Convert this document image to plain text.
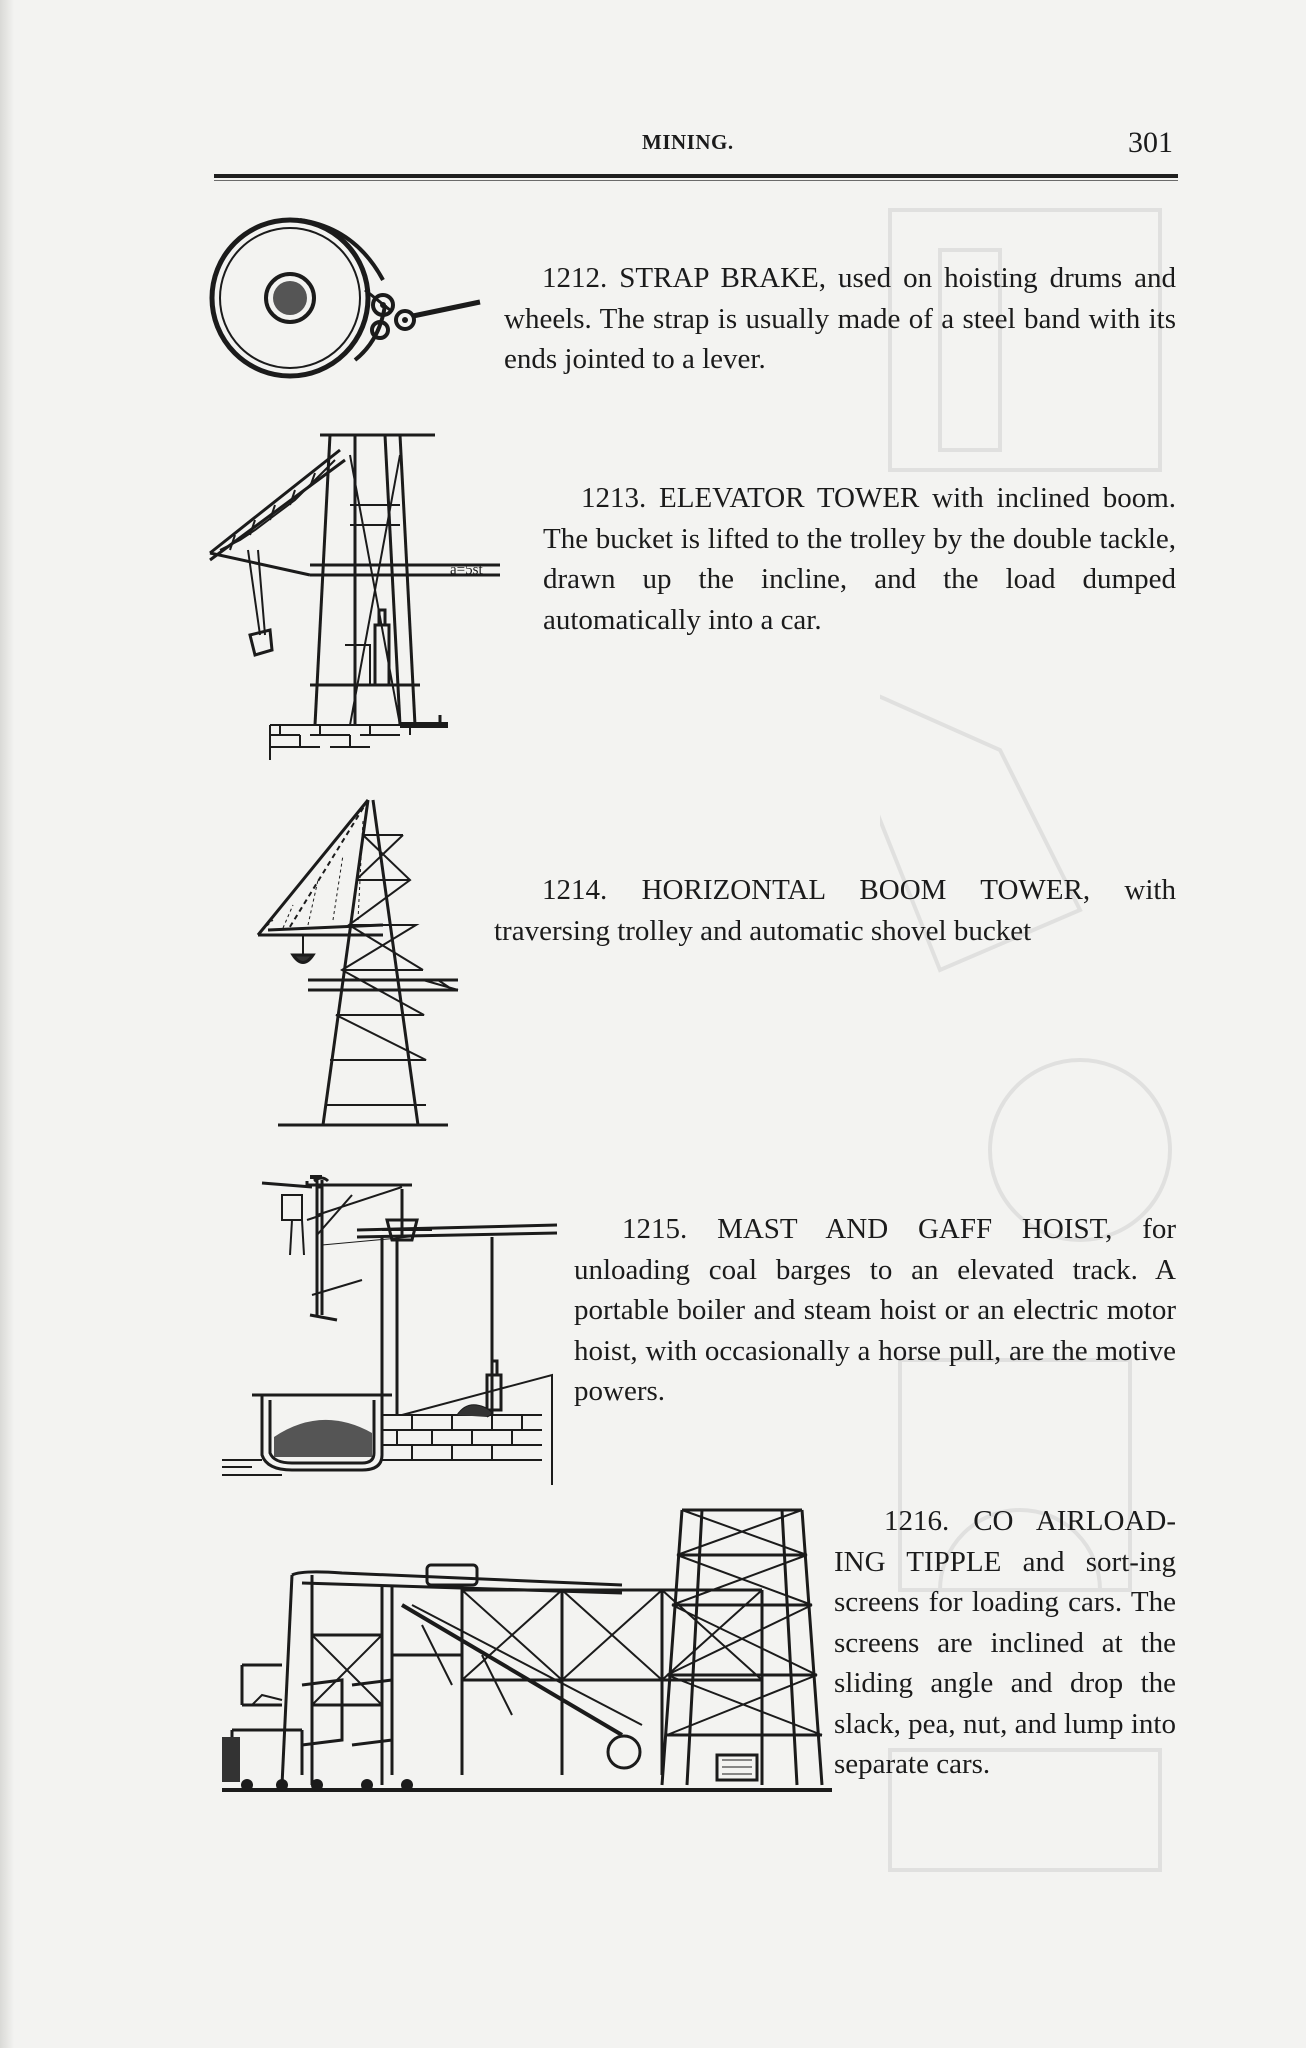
MINING.	301

1212. STRAP BRAKE, used on hoisting drums and wheels. The strap is usually made of a steel band with its ends jointed to a lever.

a=5st

1213. ELEVATOR TOWER with inclined boom. The bucket is lifted to the trolley by the double tackle, drawn up the incline, and the load dumped automatically into a car.

1214. HORIZONTAL BOOM TOWER, with traversing trolley and automatic shovel bucket

1215. MAST AND GAFF HOIST, for unloading coal barges to an elevated track. A portable boiler and steam hoist or an electric motor hoist, with occasionally a horse pull, are the motive powers.

1216. CO AIRLOAD-ING TIPPLE and sort-ing screens for loading cars. The screens are inclined at the sliding angle and drop the slack, pea, nut, and lump into separate cars.
